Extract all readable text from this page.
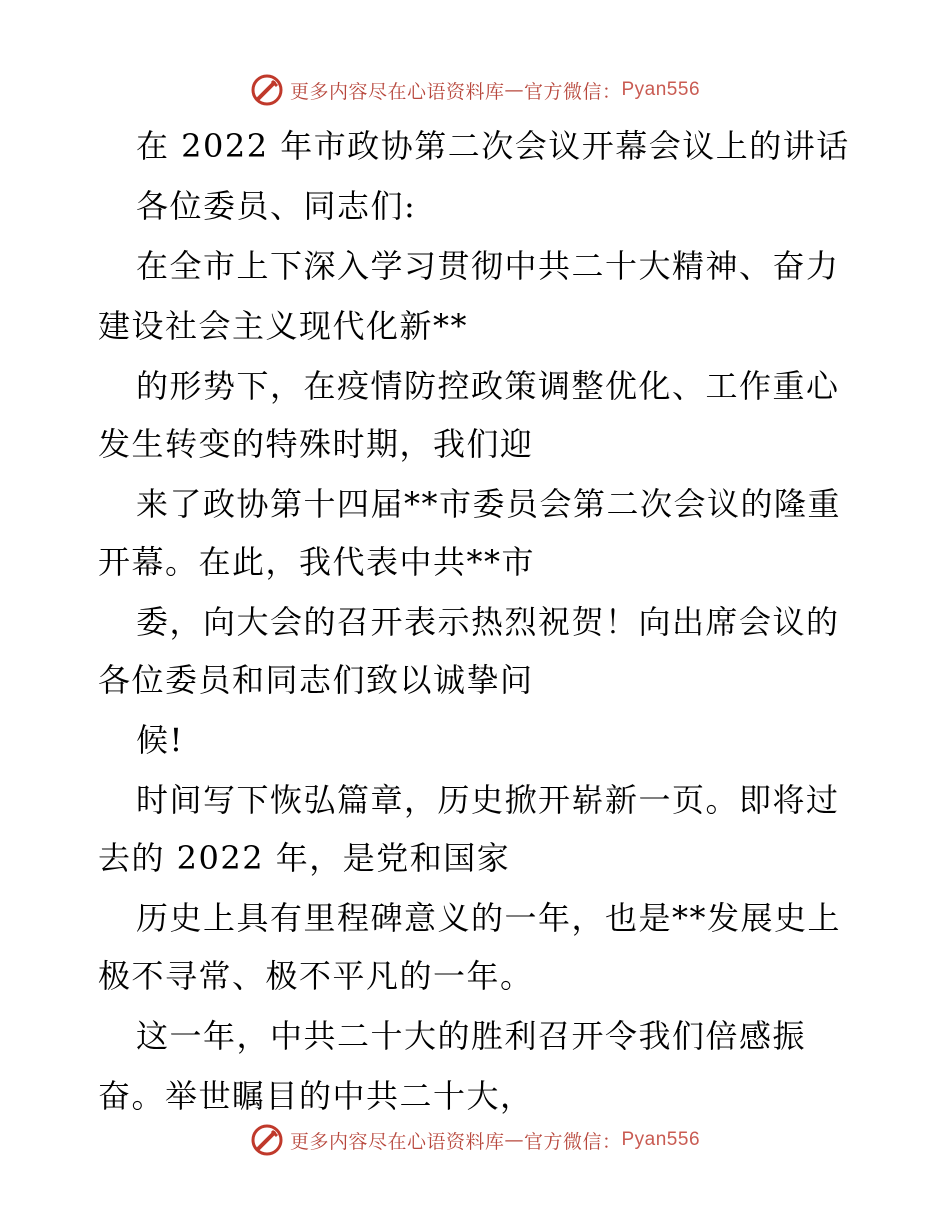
更多内容尽在心语资料库 — 官方微信： Pyan556
在 2022 年市政协第二次会议开幕会议上的讲话
各位委员、同志们:
在全市上下深入学习贯彻中共二十大精神、奋力
建设社会主义现代化新**
的形势下，在疫情防控政策调整优化、工作重心
发生转变的特殊时期，我们迎
来了政协第十四届**市委员会第二次会议的隆重
开幕。在此，我代表中共**市
委，向大会的召开表示热烈祝贺！向出席会议的
各位委员和同志们致以诚挚问
候!
时间写下恢弘篇章，历史掀开崭新一页。即将过
去的 2022 年，是党和国家
历史上具有里程碑意义的一年，也是**发展史上
极不寻常、极不平凡的一年。
这一年，中共二十大的胜利召开令我们倍感振
奋。举世瞩目的中共二十大，
更多内容尽在心语资料库 — 官方微信： Pyan556
